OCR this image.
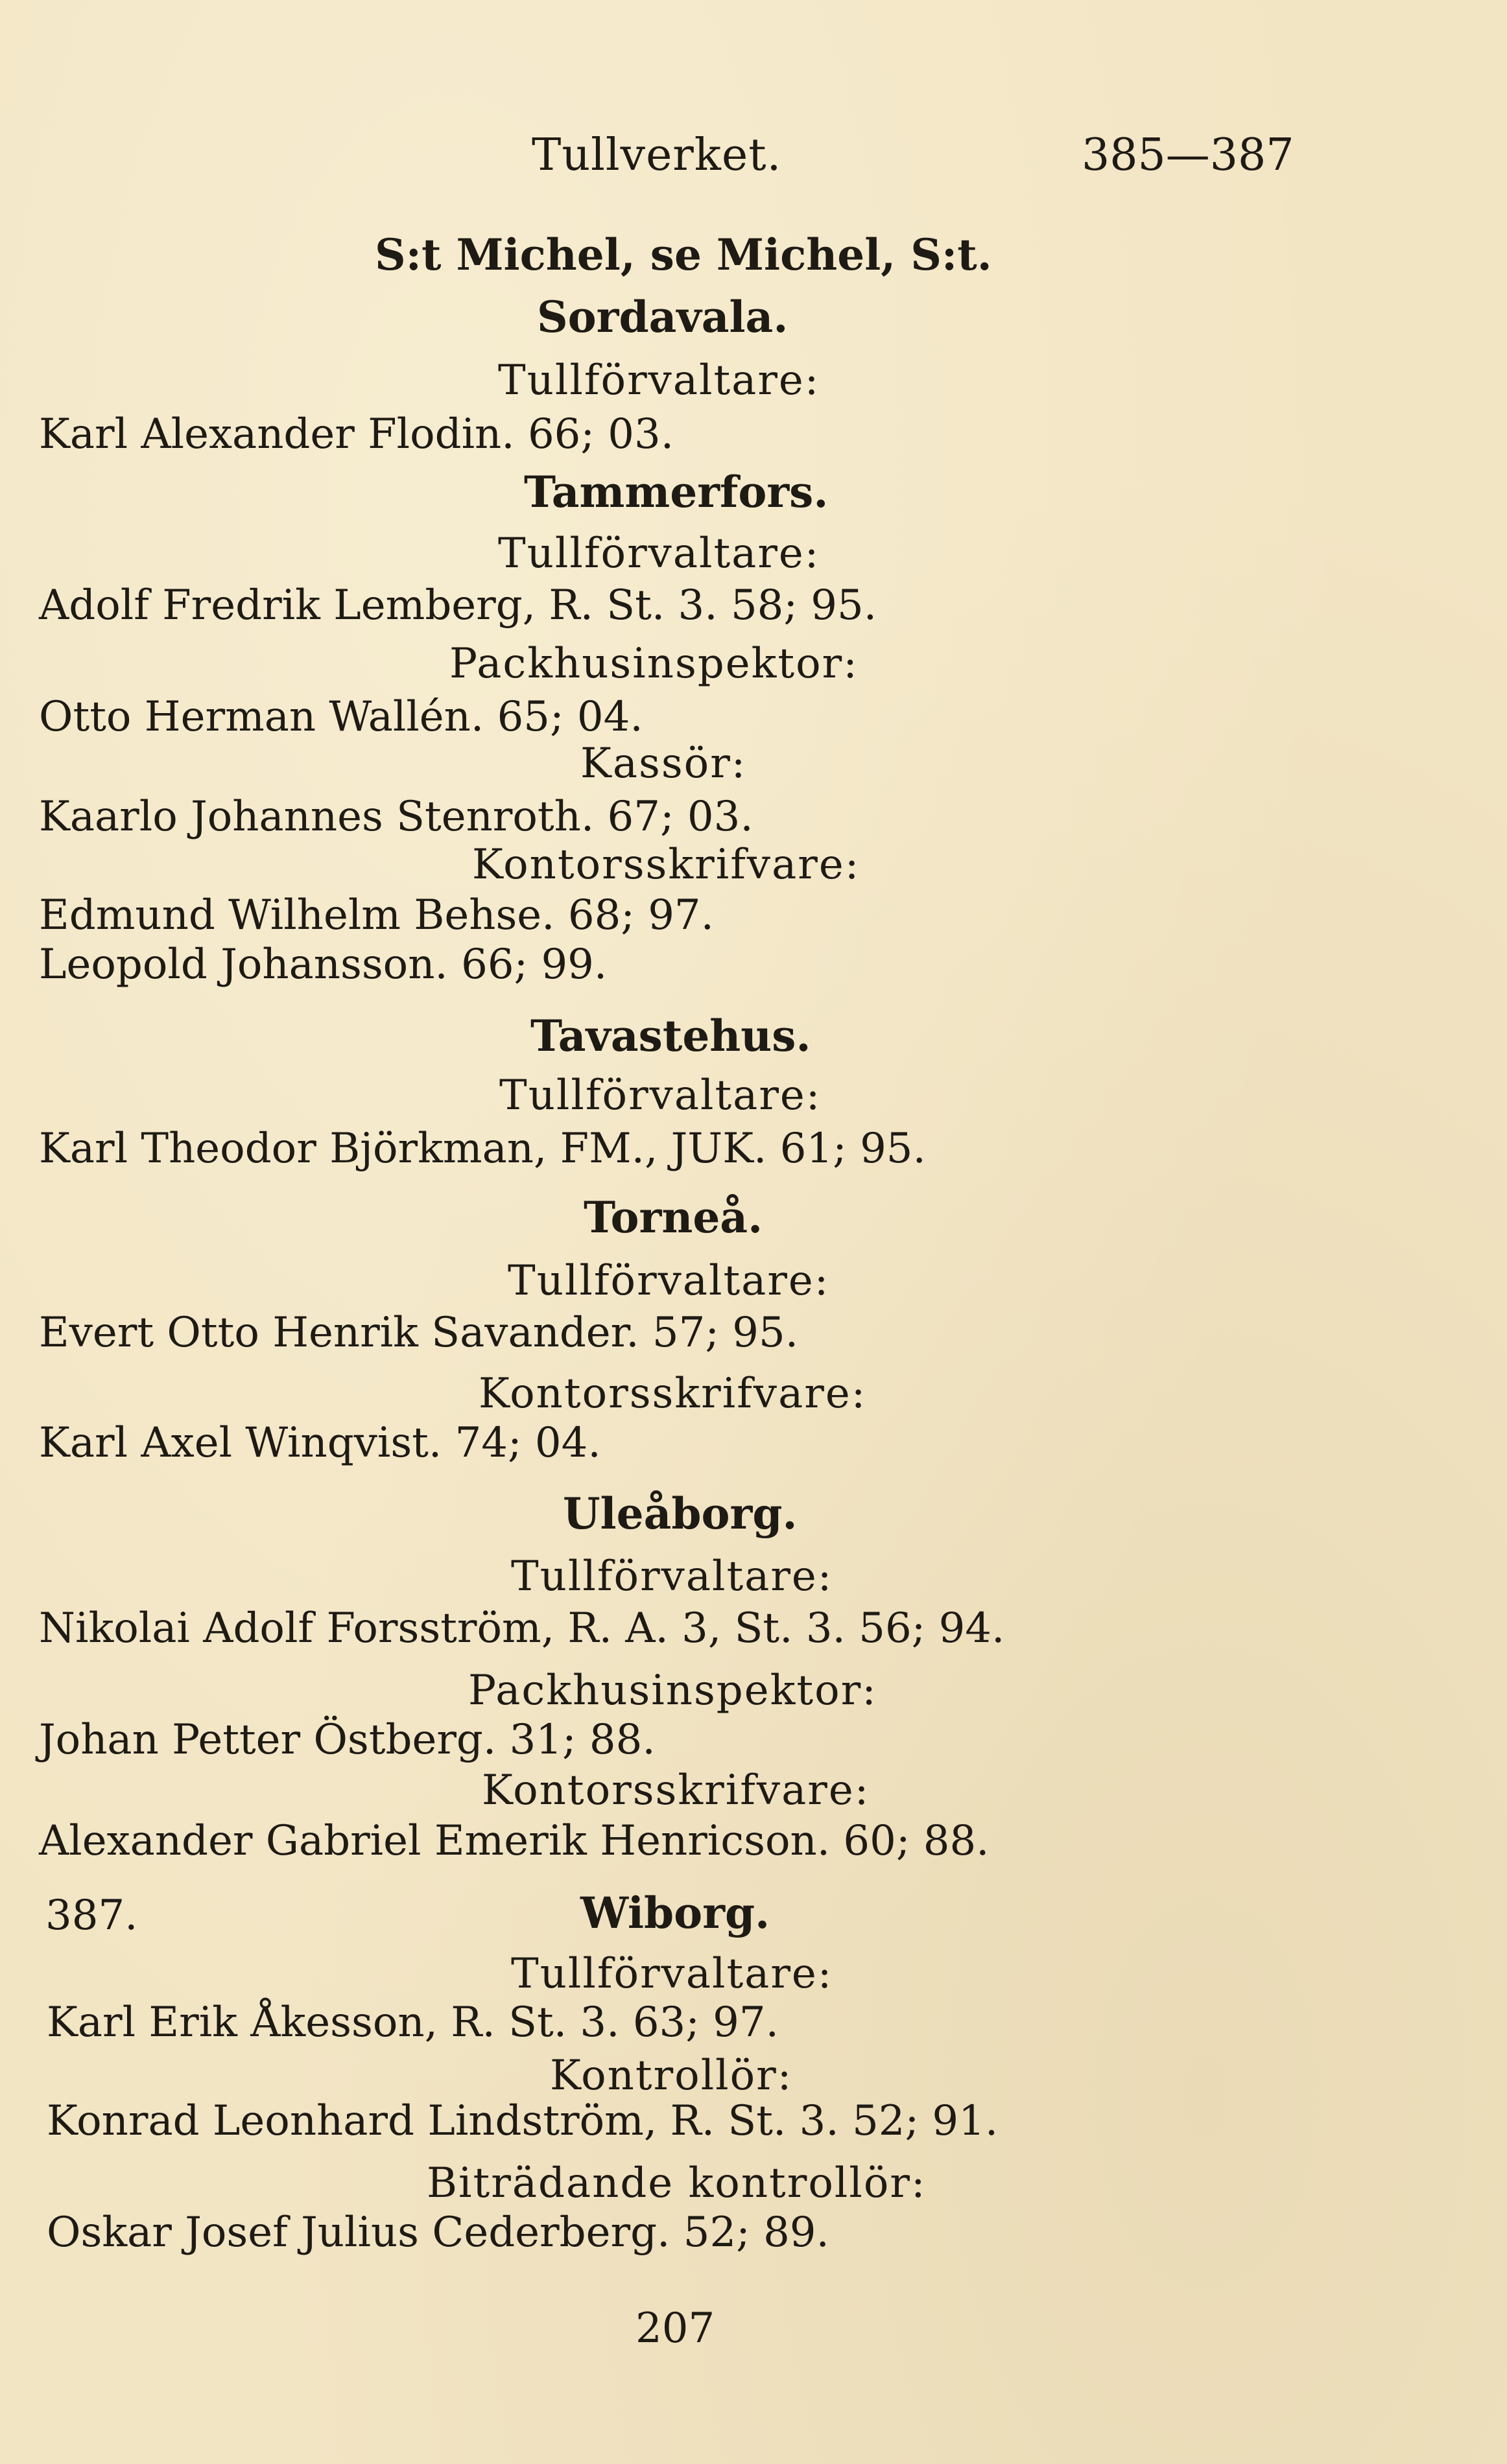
Tullverket.	385—387
S:t Michel, se Michel, S:t.
Sordavala.
Tullförvaltare:
Karl Alexander Flodin. 66; 03.
Tammerfors.
Tullförvaltare:
Adolf Fredrik Lemberg, R. St. 3. 58; 95.
Packhusinspektor:
Otto Herman Wallén. 65; 04.
Kassör:
Kaarlo Johannes Stenroth. 67; 03.
Kontorsskrifvare:
Edmund Wilhelm Behse. 68; 97.
Leopold Johansson. 66; 99.
Tavastehus.
Tullförvaltare:
Karl Theodor Björkman, FM., JUK. 61; 95.
Torneå.
Tullförvaltare:
Evert Otto Henrik Savander. 57; 95.
Kontorsskrifvare:
Karl Axel Winqvist. 74; 04.
Uleåborg.
Tullförvaltare:
Nikolai Adolf Forsström, R. A. 3, St. 3. 56; 94.
Packhusinspektor:
Johan Petter Östberg. 31; 88.
Kontorsskrifvare:
Alexander Gabriel Emerik Henricson. 60; 88.
387.	Wiborg.
Tullförvaltare:
Karl Erik Åkesson, R. St. 3. 63; 97.
Kontrollör:
Konrad Leonhard Lindström, R. St. 3. 52; 91.
Biträdande kontrollör:
Oskar Josef Julius Cederberg. 52; 89.
207
